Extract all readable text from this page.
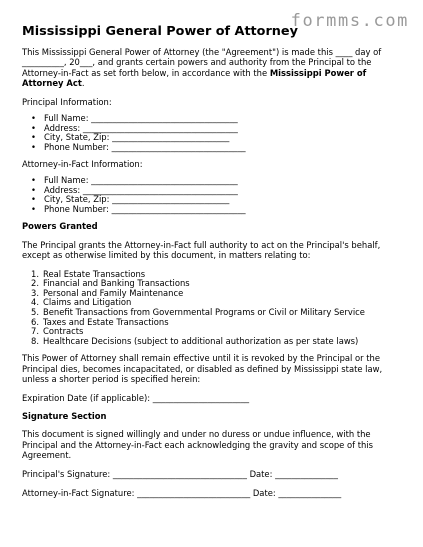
formms.com
Mississippi General Power of Attorney

This Mississippi General Power of Attorney (the "Agreement") is made this ____ day of
__________, 20___, and grants certain powers and authority from the Principal to the
Attorney-in-Fact as set forth below, in accordance with the Mississippi Power of
Attorney Act.

Principal Information:

• Full Name: ___________________________________
• Address: _____________________________________
• City, State, Zip: ____________________________
• Phone Number: ________________________________

Attorney-in-Fact Information:

• Full Name: ___________________________________
• Address: _____________________________________
• City, State, Zip: ____________________________
• Phone Number: ________________________________

Powers Granted

The Principal grants the Attorney-in-Fact full authority to act on the Principal's behalf,
except as otherwise limited by this document, in matters relating to:

1. Real Estate Transactions
2. Financial and Banking Transactions
3. Personal and Family Maintenance
4. Claims and Litigation
5. Benefit Transactions from Governmental Programs or Civil or Military Service
6. Taxes and Estate Transactions
7. Contracts
8. Healthcare Decisions (subject to additional authorization as per state laws)

This Power of Attorney shall remain effective until it is revoked by the Principal or the
Principal dies, becomes incapacitated, or disabled as defined by Mississippi state law,
unless a shorter period is specified herein:

Expiration Date (if applicable): _______________________

Signature Section

This document is signed willingly and under no duress or undue influence, with the
Principal and the Attorney-in-Fact each acknowledging the gravity and scope of this
Agreement.

Principal's Signature: ________________________________ Date: _______________
Attorney-in-Fact Signature: ___________________________ Date: _______________
